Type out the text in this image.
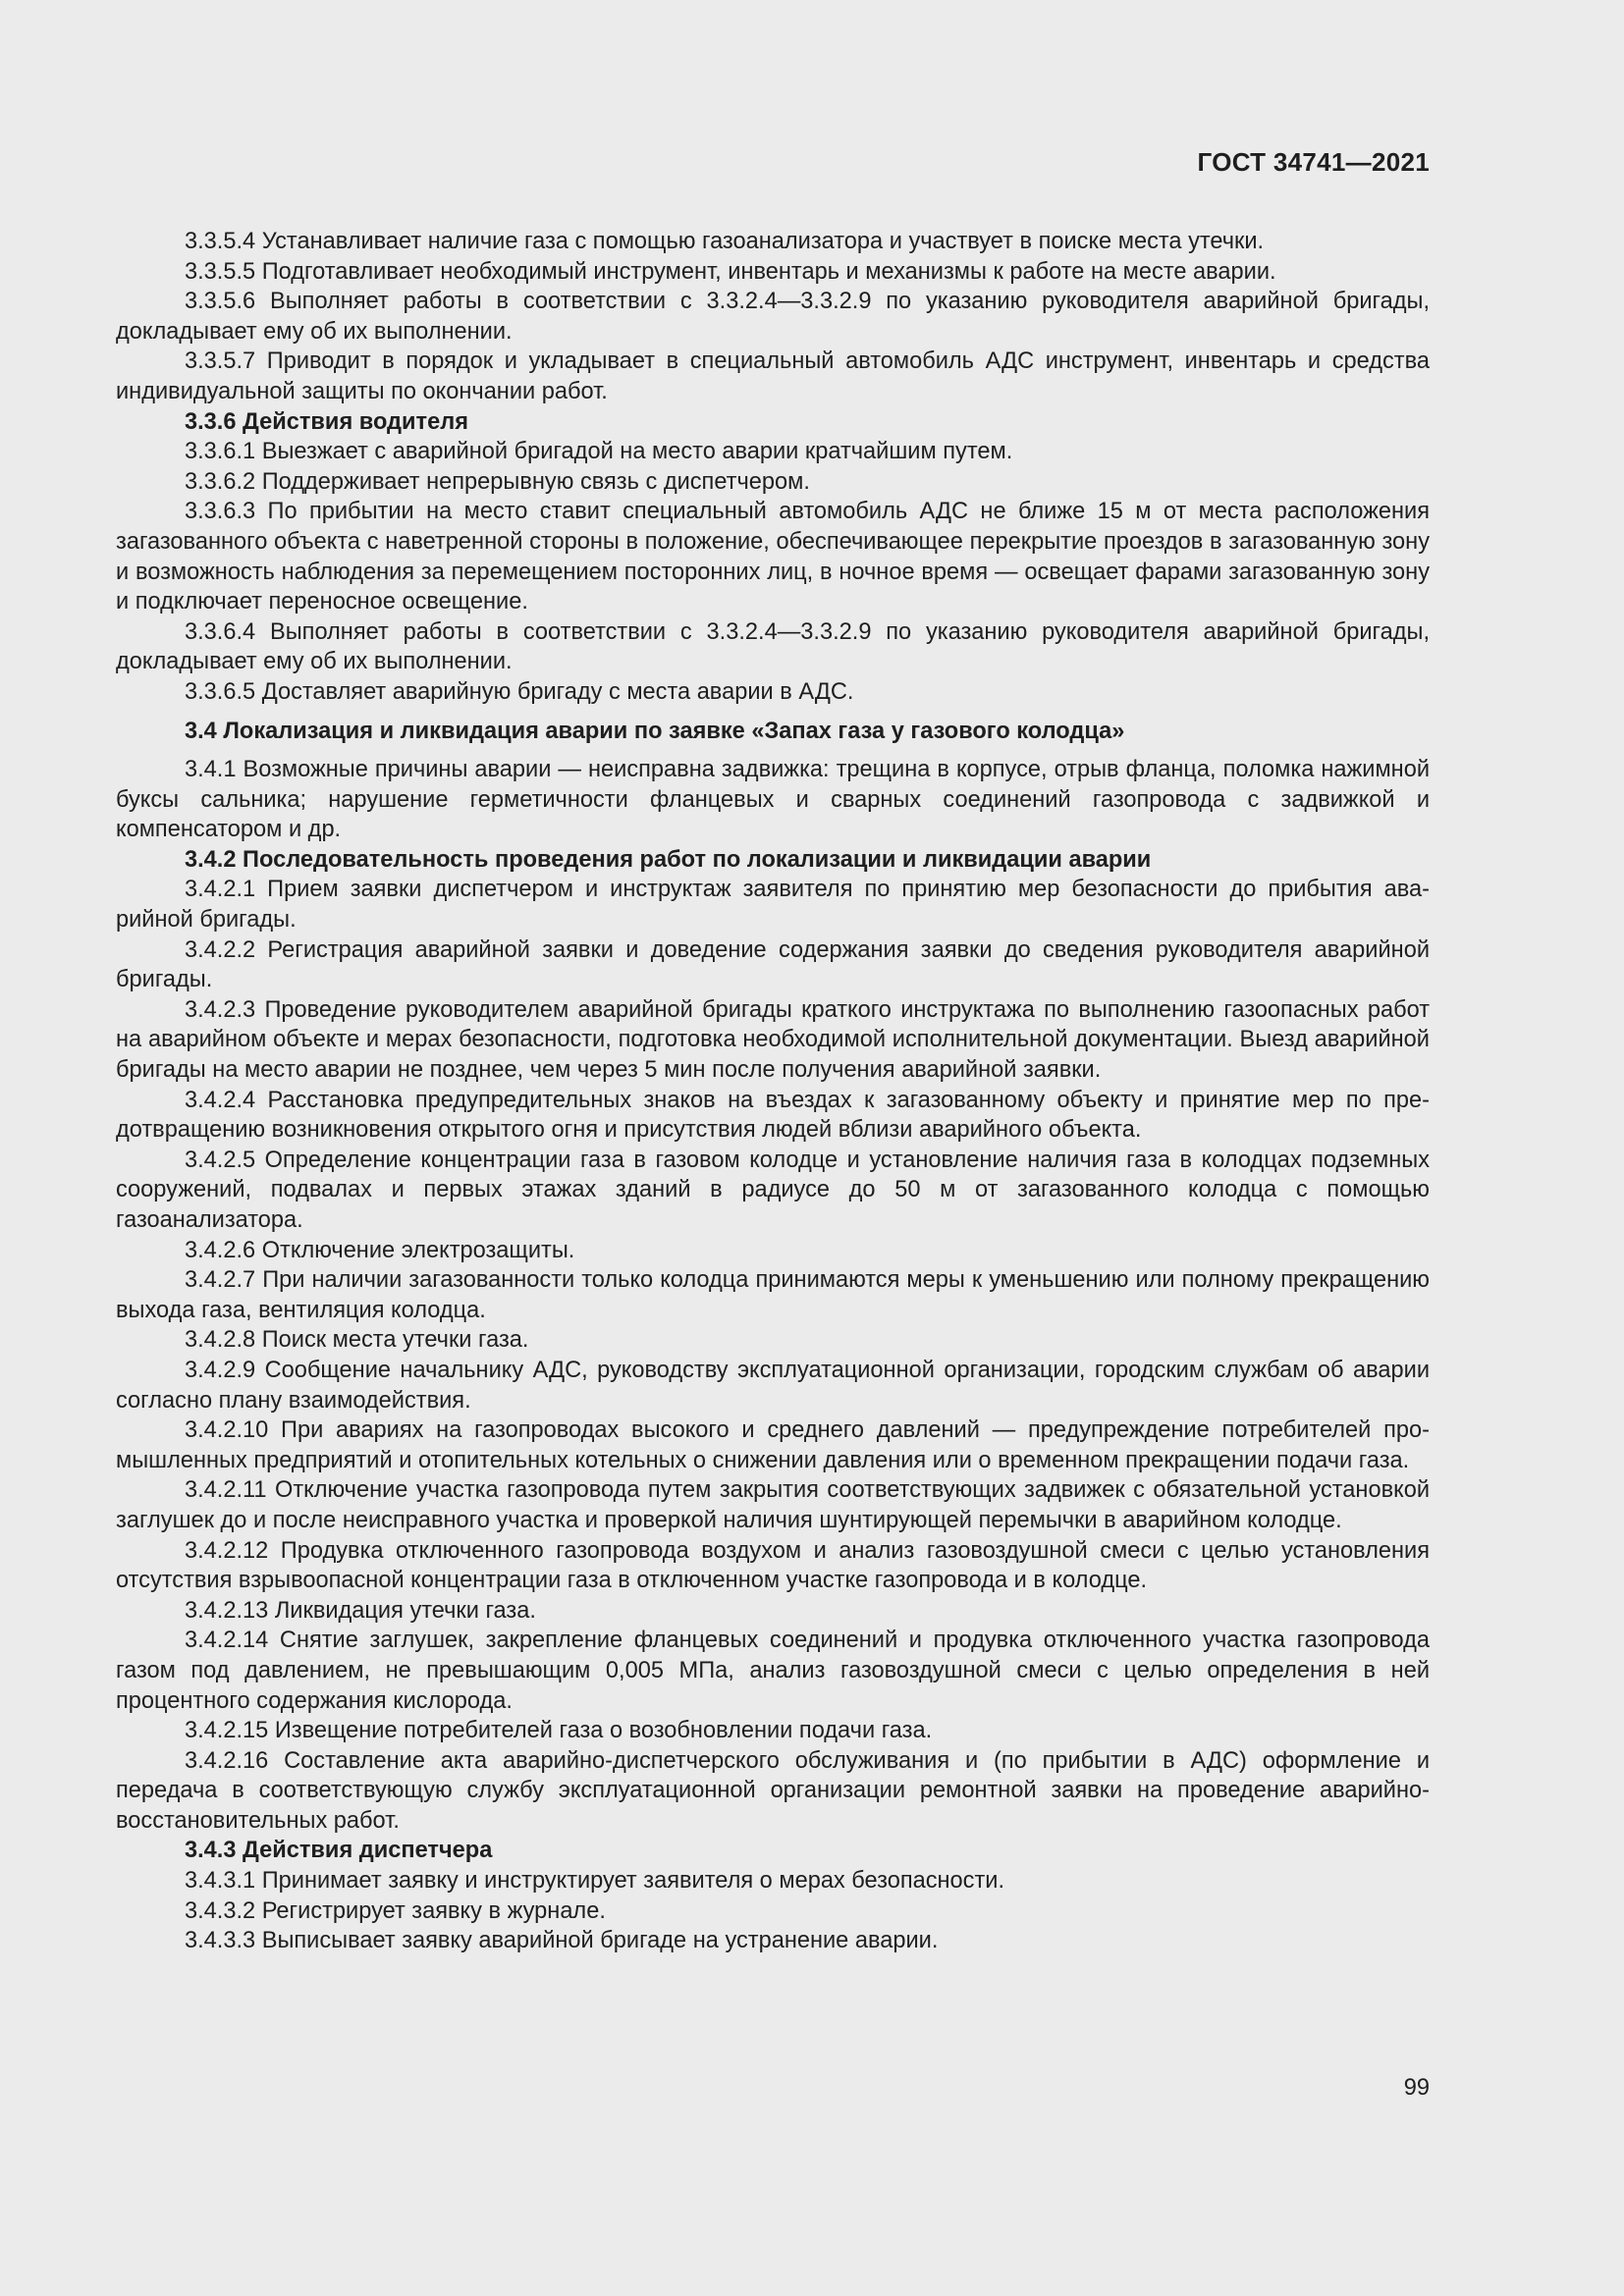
ГОСТ 34741—2021

3.3.5.4 Устанавливает наличие газа с помощью газоанализатора и участвует в поиске места утечки.

3.3.5.5 Подготавливает необходимый инструмент, инвентарь и механизмы к работе на месте аварии.

3.3.5.6 Выполняет работы в соответствии с 3.3.2.4—3.3.2.9 по указанию руководителя аварийной бригады, докладывает ему об их выполнении.

3.3.5.7 Приводит в порядок и укладывает в специальный автомобиль АДС инструмент, инвентарь и средства индивидуальной защиты по окончании работ.

3.3.6 Действия водителя

3.3.6.1 Выезжает с аварийной бригадой на место аварии кратчайшим путем.

3.3.6.2 Поддерживает непрерывную связь с диспетчером.

3.3.6.3 По прибытии на место ставит специальный автомобиль АДС не ближе 15 м от места расположения загазованного объекта с наветренной стороны в положение, обеспечивающее перекрытие проездов в загазованную зону и возможность наблюдения за перемещением посторонних лиц, в ночное время — освещает фарами загазованную зону и подключает переносное освещение.

3.3.6.4 Выполняет работы в соответствии с 3.3.2.4—3.3.2.9 по указанию руководителя аварийной бригады, докладывает ему об их выполнении.

3.3.6.5 Доставляет аварийную бригаду с места аварии в АДС.

3.4 Локализация и ликвидация аварии по заявке «Запах газа у газового колодца»

3.4.1 Возможные причины аварии — неисправна задвижка: трещина в корпусе, отрыв фланца, поломка нажимной буксы сальника; нарушение герметичности фланцевых и сварных соединений газопровода с задвижкой и компенсатором и др.

3.4.2 Последовательность проведения работ по локализации и ликвидации аварии

3.4.2.1 Прием заявки диспетчером и инструктаж заявителя по принятию мер безопасности до прибытия аварийной бригады.

3.4.2.2 Регистрация аварийной заявки и доведение содержания заявки до сведения руководителя аварийной бригады.

3.4.2.3 Проведение руководителем аварийной бригады краткого инструктажа по выполнению газоопасных работ на аварийном объекте и мерах безопасности, подготовка необходимой исполнительной документации. Выезд аварийной бригады на место аварии не позднее, чем через 5 мин после получения аварийной заявки.

3.4.2.4 Расстановка предупредительных знаков на въездах к загазованному объекту и принятие мер по предотвращению возникновения открытого огня и присутствия людей вблизи аварийного объекта.

3.4.2.5 Определение концентрации газа в газовом колодце и установление наличия газа в колодцах подземных сооружений, подвалах и первых этажах зданий в радиусе до 50 м от загазованного колодца с помощью газоанализатора.

3.4.2.6 Отключение электрозащиты.

3.4.2.7 При наличии загазованности только колодца принимаются меры к уменьшению или полному прекращению выхода газа, вентиляция колодца.

3.4.2.8 Поиск места утечки газа.

3.4.2.9 Сообщение начальнику АДС, руководству эксплуатационной организации, городским службам об аварии согласно плану взаимодействия.

3.4.2.10 При авариях на газопроводах высокого и среднего давлений — предупреждение потребителей промышленных предприятий и отопительных котельных о снижении давления или о временном прекращении подачи газа.

3.4.2.11 Отключение участка газопровода путем закрытия соответствующих задвижек с обязательной установкой заглушек до и после неисправного участка и проверкой наличия шунтирующей перемычки в аварийном колодце.

3.4.2.12 Продувка отключенного газопровода воздухом и анализ газовоздушной смеси с целью установления отсутствия взрывоопасной концентрации газа в отключенном участке газопровода и в колодце.

3.4.2.13 Ликвидация утечки газа.

3.4.2.14 Снятие заглушек, закрепление фланцевых соединений и продувка отключенного участка газопровода газом под давлением, не превышающим 0,005 МПа, анализ газовоздушной смеси с целью определения в ней процентного содержания кислорода.

3.4.2.15 Извещение потребителей газа о возобновлении подачи газа.

3.4.2.16 Составление акта аварийно-диспетчерского обслуживания и (по прибытии в АДС) оформление и передача в соответствующую службу эксплуатационной организации ремонтной заявки на проведение аварийно-восстановительных работ.

3.4.3 Действия диспетчера

3.4.3.1 Принимает заявку и инструктирует заявителя о мерах безопасности.

3.4.3.2 Регистрирует заявку в журнале.

3.4.3.3 Выписывает заявку аварийной бригаде на устранение аварии.

99
